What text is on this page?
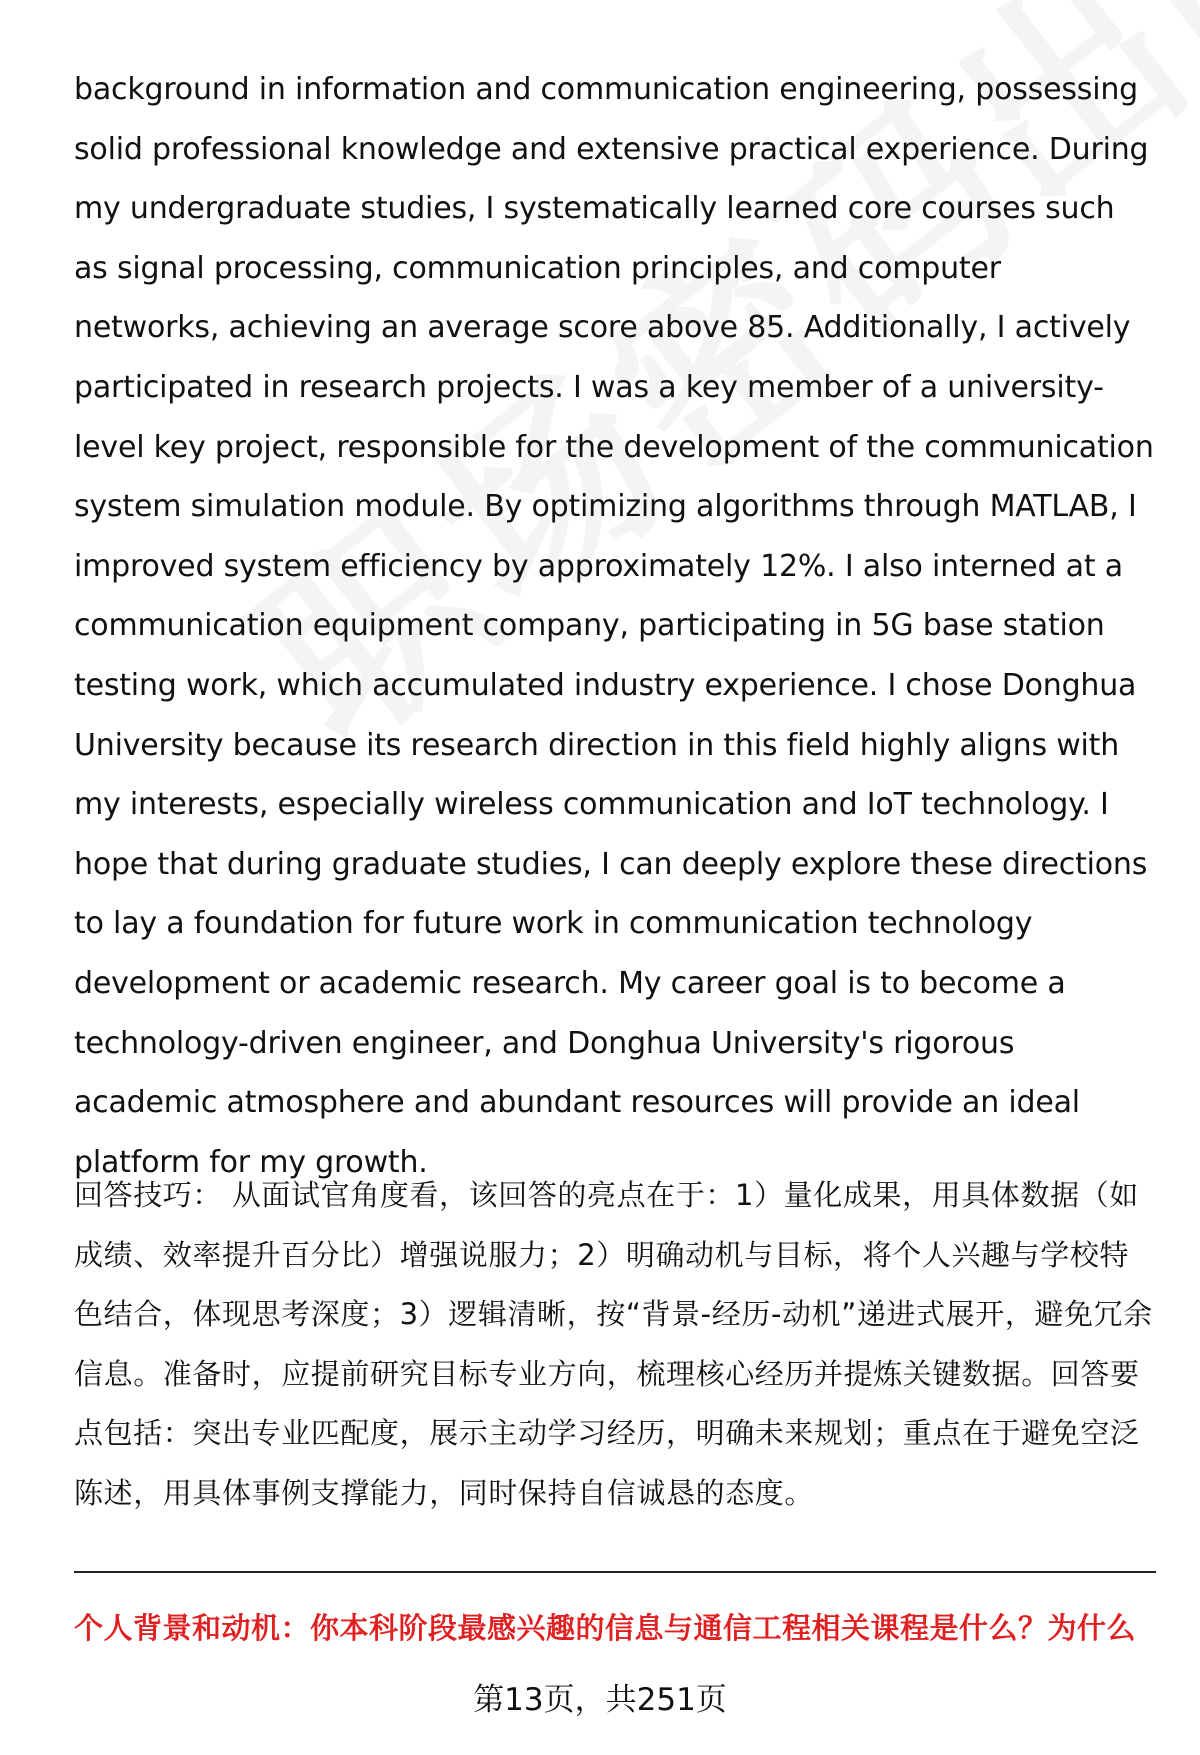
background in information and communication engineering, possessing solid professional knowledge and extensive practical experience. During my undergraduate studies, I systematically learned core courses such as signal processing, communication principles, and computer networks, achieving an average score above 85. Additionally, I actively participated in research projects. I was a key member of a university-level key project, responsible for the development of the communication system simulation module. By optimizing algorithms through MATLAB, I improved system efficiency by approximately 12%. I also interned at a communication equipment company, participating in 5G base station testing work, which accumulated industry experience. I chose Donghua University because its research direction in this field highly aligns with my interests, especially wireless communication and IoT technology. I hope that during graduate studies, I can deeply explore these directions to lay a foundation for future work in communication technology development or academic research. My career goal is to become a technology-driven engineer, and Donghua University's rigorous academic atmosphere and abundant resources will provide an ideal platform for my growth.

回答技巧： 从面试官角度看，该回答的亮点在于：1）量化成果，用具体数据（如成绩、效率提升百分比）增强说服力；2）明确动机与目标，将个人兴趣与学校特色结合，体现思考深度；3）逻辑清晰，按“背景-经历-动机”递进式展开，避免冗余信息。准备时，应提前研究目标专业方向，梳理核心经历并提炼关键数据。回答要点包括：突出专业匹配度，展示主动学习经历，明确未来规划；重点在于避免空泛陈述，用具体事例支撑能力，同时保持自信诚恳的态度。

个人背景和动机：你本科阶段最感兴趣的信息与通信工程相关课程是什么？为什么

第13页，共251页
